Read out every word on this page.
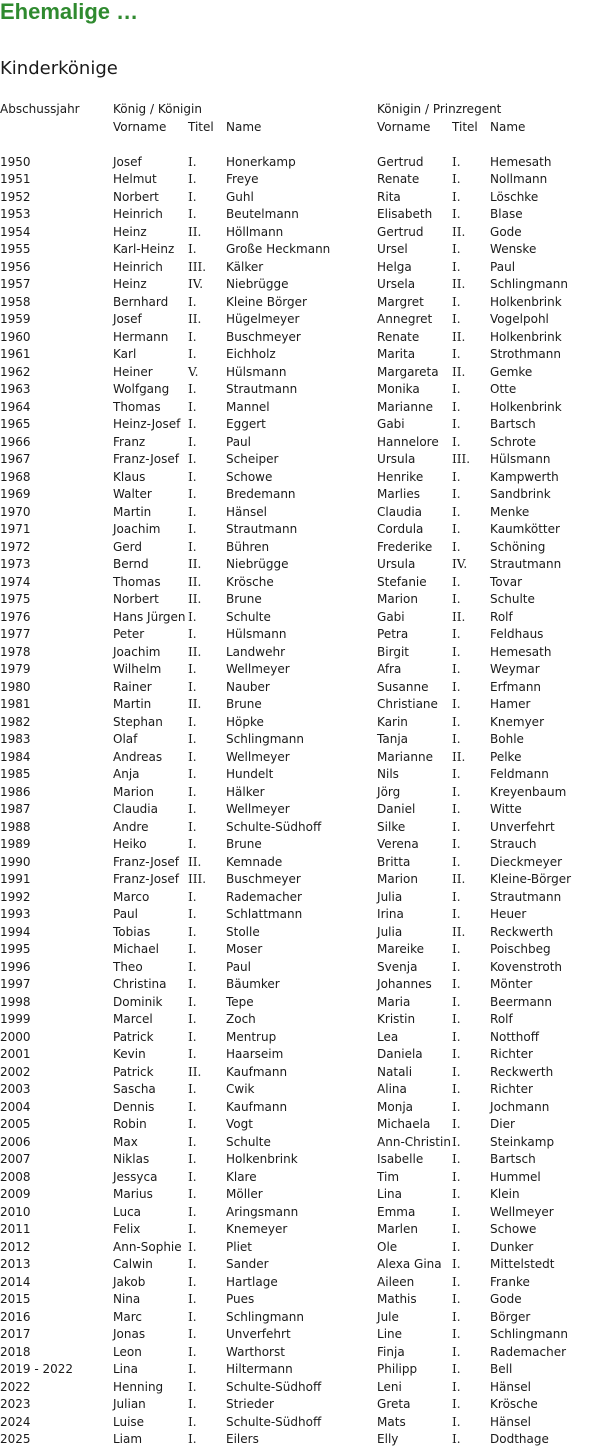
Ehemalige …
Kinderkönige
Abschussjahr	König / Königin			Königin / Prinzregent		
	Vorname	Titel	Name	Vorname	Titel	Name

1950	Josef	I.	Honerkamp	Gertrud	I.	Hemesath
1951	Helmut	I.	Freye	Renate	I.	Nollmann
1952	Norbert	I.	Guhl	Rita	I.	Löschke
1953	Heinrich	I.	Beutelmann	Elisabeth	I.	Blase
1954	Heinz	II.	Höllmann	Gertrud	II.	Gode
1955	Karl-Heinz	I.	Große Heckmann	Ursel	I.	Wenske
1956	Heinrich	III.	Kälker	Helga	I.	Paul
1957	Heinz	IV.	Niebrügge	Ursela	II.	Schlingmann
1958	Bernhard	I.	Kleine Börger	Margret	I.	Holkenbrink
1959	Josef	II.	Hügelmeyer	Annegret	I.	Vogelpohl
1960	Hermann	I.	Buschmeyer	Renate	II.	Holkenbrink
1961	Karl	I.	Eichholz	Marita	I.	Strothmann
1962	Heiner	V.	Hülsmann	Margareta	II.	Gemke
1963	Wolfgang	I.	Strautmann	Monika	I.	Otte
1964	Thomas	I.	Mannel	Marianne	I.	Holkenbrink
1965	Heinz-Josef	I.	Eggert	Gabi	I.	Bartsch
1966	Franz	I.	Paul	Hannelore	I.	Schrote
1967	Franz-Josef	I.	Scheiper	Ursula	III.	Hülsmann
1968	Klaus	I.	Schowe	Henrike	I.	Kampwerth
1969	Walter	I.	Bredemann	Marlies	I.	Sandbrink
1970	Martin	I.	Hänsel	Claudia	I.	Menke
1971	Joachim	I.	Strautmann	Cordula	I.	Kaumkötter
1972	Gerd	I.	Bühren	Frederike	I.	Schöning
1973	Bernd	II.	Niebrügge	Ursula	IV.	Strautmann
1974	Thomas	II.	Krösche	Stefanie	I.	Tovar
1975	Norbert	II.	Brune	Marion	I.	Schulte
1976	Hans Jürgen	I.	Schulte	Gabi	II.	Rolf
1977	Peter	I.	Hülsmann	Petra	I.	Feldhaus
1978	Joachim	II.	Landwehr	Birgit	I.	Hemesath
1979	Wilhelm	I.	Wellmeyer	Afra	I.	Weymar
1980	Rainer	I.	Nauber	Susanne	I.	Erfmann
1981	Martin	II.	Brune	Christiane	I.	Hamer
1982	Stephan	I.	Höpke	Karin	I.	Knemyer
1983	Olaf	I.	Schlingmann	Tanja	I.	Bohle
1984	Andreas	I.	Wellmeyer	Marianne	II.	Pelke
1985	Anja	I.	Hundelt	Nils	I.	Feldmann
1986	Marion	I.	Hälker	Jörg	I.	Kreyenbaum
1987	Claudia	I.	Wellmeyer	Daniel	I.	Witte
1988	Andre	I.	Schulte-Südhoff	Silke	I.	Unverfehrt
1989	Heiko	I.	Brune	Verena	I.	Strauch
1990	Franz-Josef	II.	Kemnade	Britta	I.	Dieckmeyer
1991	Franz-Josef	III.	Buschmeyer	Marion	II.	Kleine-Börger
1992	Marco	I.	Rademacher	Julia	I.	Strautmann
1993	Paul	I.	Schlattmann	Irina	I.	Heuer
1994	Tobias	I.	Stolle	Julia	II.	Reckwerth
1995	Michael	I.	Moser	Mareike	I.	Poischbeg
1996	Theo	I.	Paul	Svenja	I.	Kovenstroth
1997	Christina	I.	Bäumker	Johannes	I.	Mönter
1998	Dominik	I.	Tepe	Maria	I.	Beermann
1999	Marcel	I.	Zoch	Kristin	I.	Rolf
2000	Patrick	I.	Mentrup	Lea	I.	Notthoff
2001	Kevin	I.	Haarseim	Daniela	I.	Richter
2002	Patrick	II.	Kaufmann	Natali	I.	Reckwerth
2003	Sascha	I.	Cwik	Alina	I.	Richter
2004	Dennis	I.	Kaufmann	Monja	I.	Jochmann
2005	Robin	I.	Vogt	Michaela	I.	Dier
2006	Max	I.	Schulte	Ann-Christin	I.	Steinkamp
2007	Niklas	I.	Holkenbrink	Isabelle	I.	Bartsch
2008	Jessyca	I.	Klare	Tim	I.	Hummel
2009	Marius	I.	Möller	Lina	I.	Klein
2010	Luca	I.	Aringsmann	Emma	I.	Wellmeyer
2011	Felix	I.	Knemeyer	Marlen	I.	Schowe
2012	Ann-Sophie	I.	Pliet	Ole	I.	Dunker
2013	Calwin	I.	Sander	Alexa Gina	I.	Mittelstedt
2014	Jakob	I.	Hartlage	Aileen	I.	Franke
2015	Nina	I.	Pues	Mathis	I.	Gode
2016	Marc	I.	Schlingmann	Jule	I.	Börger
2017	Jonas	I.	Unverfehrt	Line	I.	Schlingmann
2018	Leon	I.	Warthorst	Finja	I.	Rademacher
2019 - 2022	Lina	I.	Hiltermann	Philipp	I.	Bell
2022	Henning	I.	Schulte-Südhoff	Leni	I.	Hänsel
2023	Julian	I.	Strieder	Greta	I.	Krösche
2024	Luise	I.	Schulte-Südhoff	Mats	I.	Hänsel
2025	Liam	I.	Eilers	Elly	I.	Dodthage
